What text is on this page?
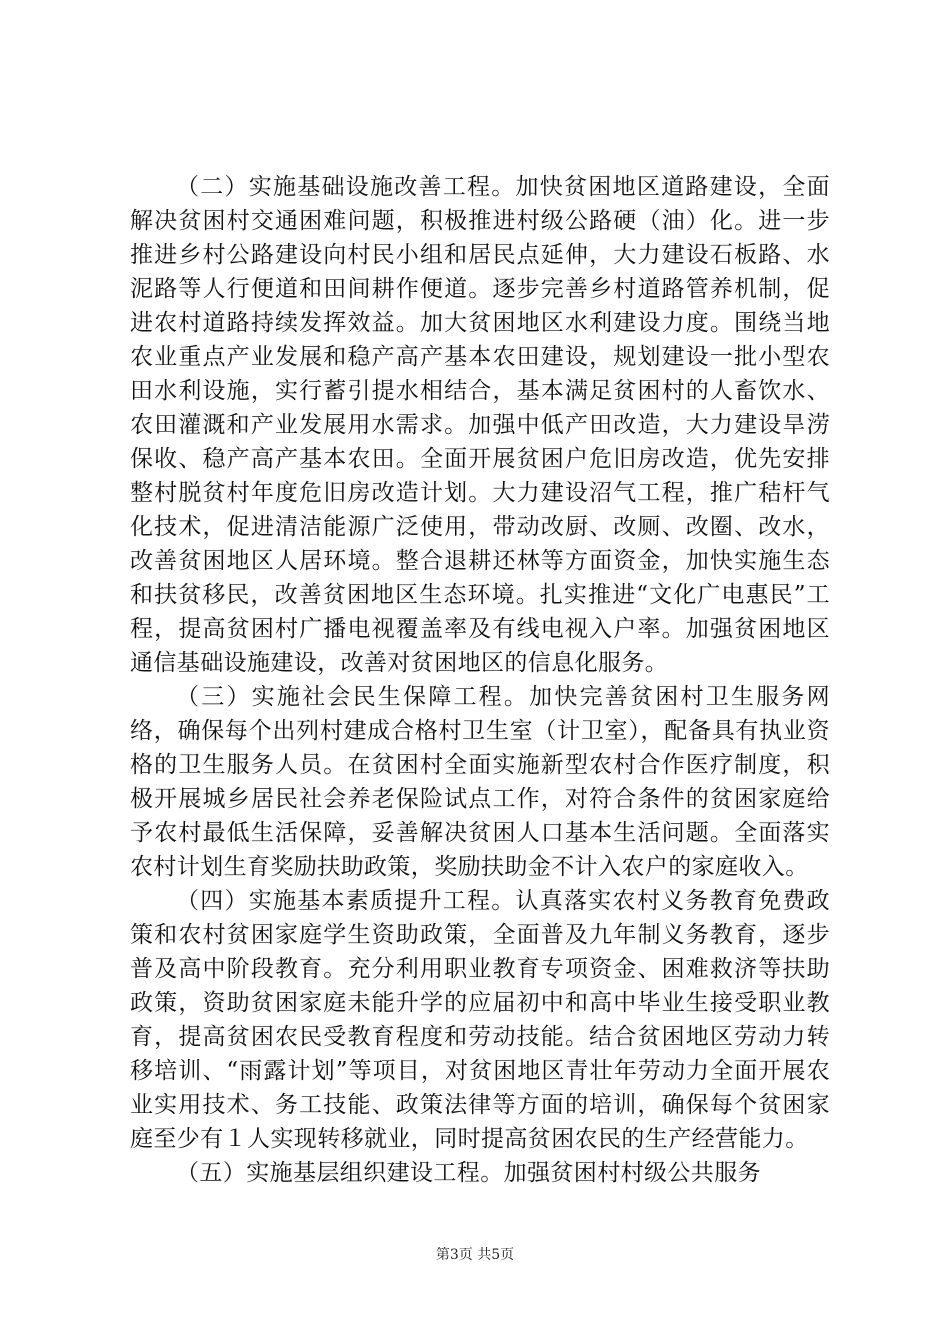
（二）实施基础设施改善工程。加快贫困地区道路建设，全面解决贫困村交通困难问题，积极推进村级公路硬（油）化。进一步推进乡村公路建设向村民小组和居民点延伸，大力建设石板路、水泥路等人行便道和田间耕作便道。逐步完善乡村道路管养机制，促进农村道路持续发挥效益。加大贫困地区水利建设力度。围绕当地农业重点产业发展和稳产高产基本农田建设，规划建设一批小型农田水利设施，实行蓄引提水相结合，基本满足贫困村的人畜饮水、农田灌溉和产业发展用水需求。加强中低产田改造，大力建设旱涝保收、稳产高产基本农田。全面开展贫困户危旧房改造，优先安排整村脱贫村年度危旧房改造计划。大力建设沼气工程，推广秸杆气化技术，促进清洁能源广泛使用，带动改厨、改厕、改圈、改水，改善贫困地区人居环境。整合退耕还林等方面资金，加快实施生态和扶贫移民，改善贫困地区生态环境。扎实推进“文化广电惠民”工程，提高贫困村广播电视覆盖率及有线电视入户率。加强贫困地区通信基础设施建设，改善对贫困地区的信息化服务。

（三）实施社会民生保障工程。加快完善贫困村卫生服务网络，确保每个出列村建成合格村卫生室（计卫室），配备具有执业资格的卫生服务人员。在贫困村全面实施新型农村合作医疗制度，积极开展城乡居民社会养老保险试点工作，对符合条件的贫困家庭给予农村最低生活保障，妥善解决贫困人口基本生活问题。全面落实农村计划生育奖励扶助政策，奖励扶助金不计入农户的家庭收入。

（四）实施基本素质提升工程。认真落实农村义务教育免费政策和农村贫困家庭学生资助政策，全面普及九年制义务教育，逐步普及高中阶段教育。充分利用职业教育专项资金、困难救济等扶助政策，资助贫困家庭未能升学的应届初中和高中毕业生接受职业教育，提高贫困农民受教育程度和劳动技能。结合贫困地区劳动力转移培训、“雨露计划”等项目，对贫困地区青壮年劳动力全面开展农业实用技术、务工技能、政策法律等方面的培训，确保每个贫困家庭至少有１人实现转移就业，同时提高贫困农民的生产经营能力。

（五）实施基层组织建设工程。加强贫困村村级公共服务

第3页 共5页
